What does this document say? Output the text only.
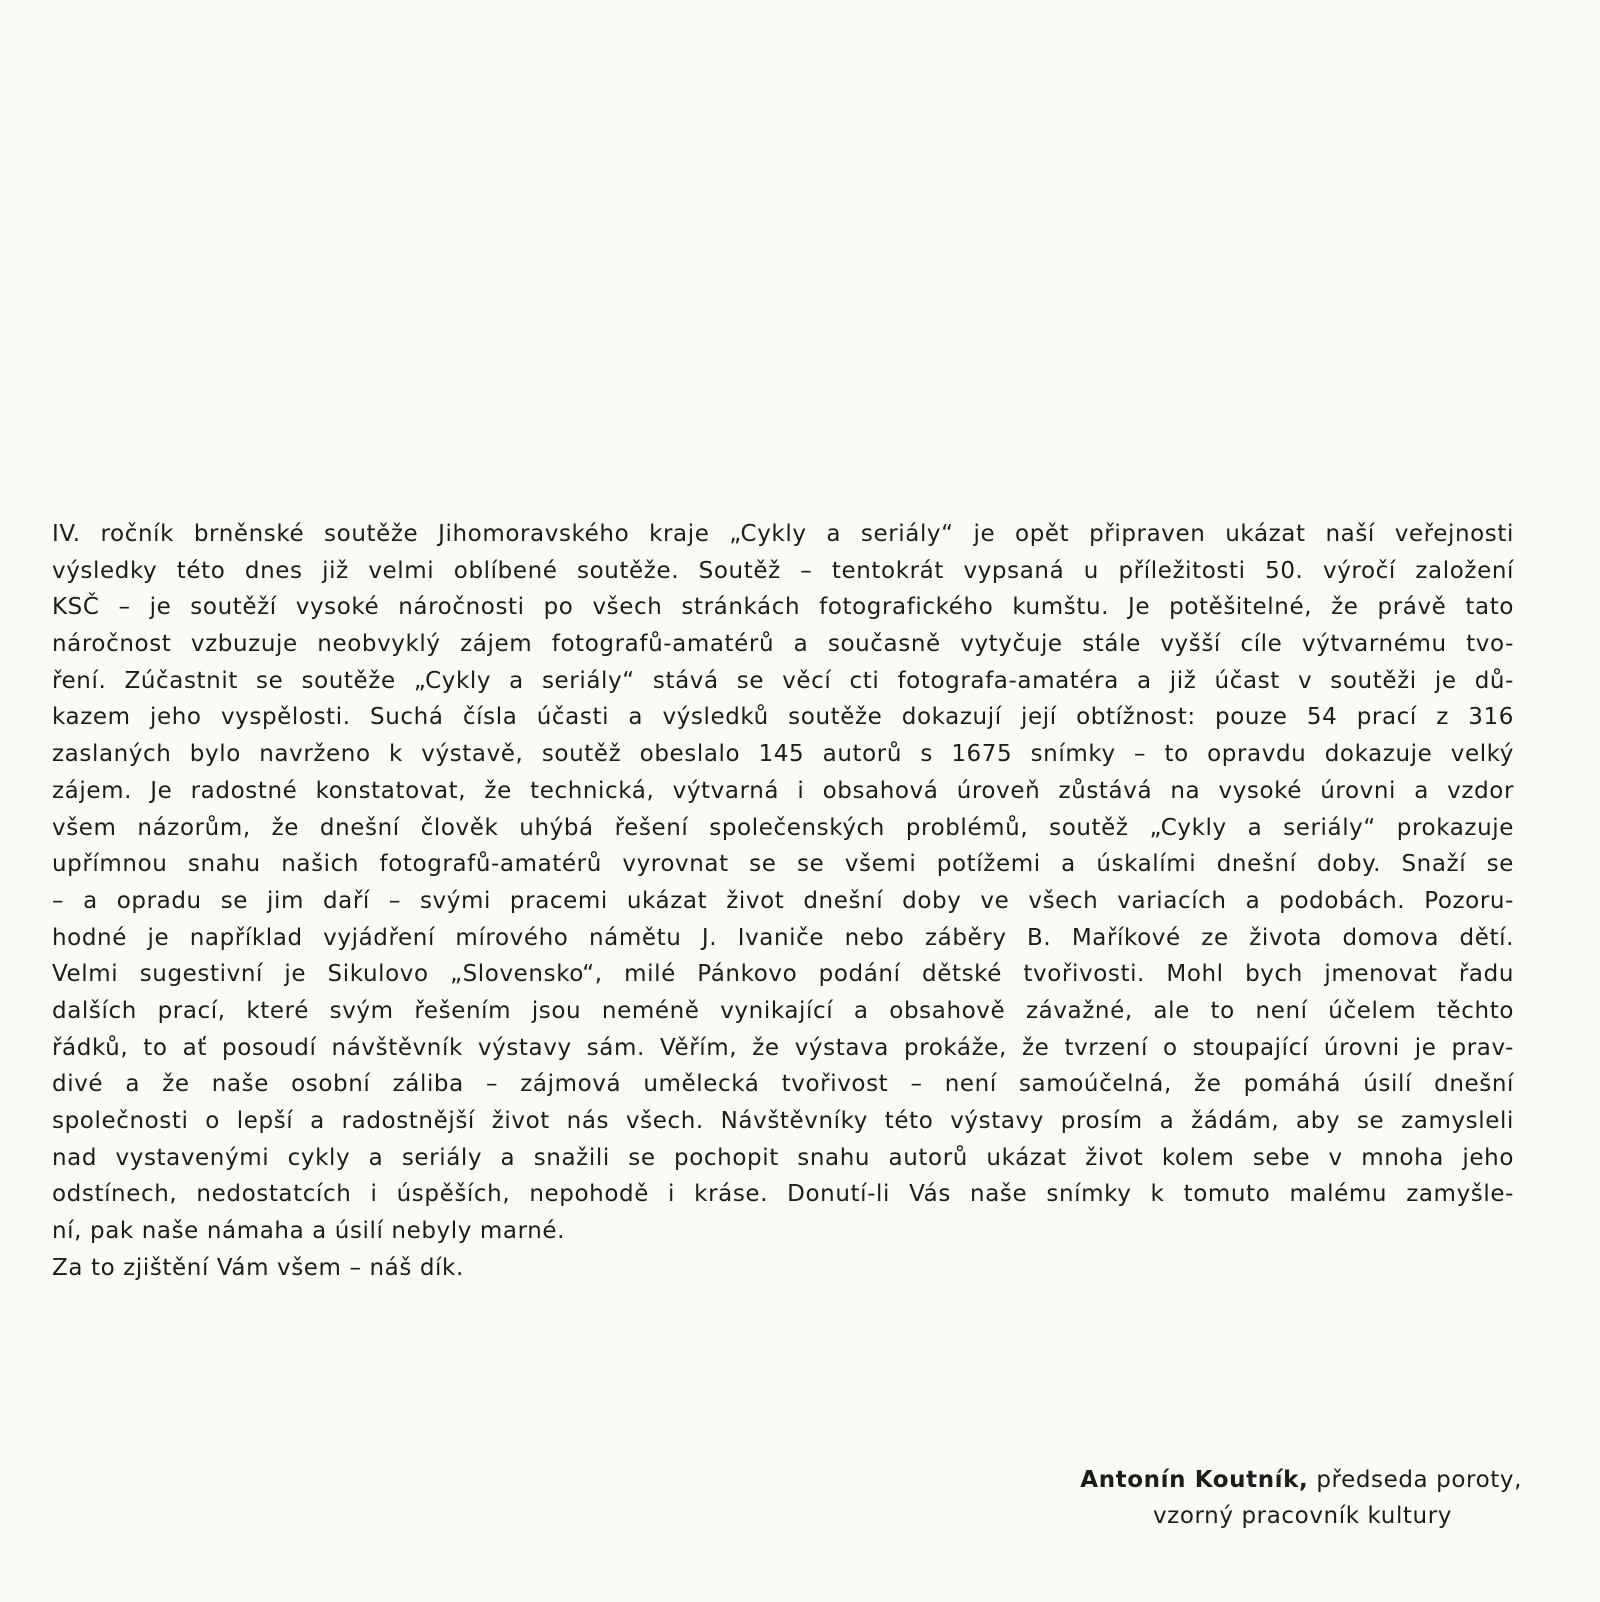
IV. ročník brněnské soutěže Jihomoravského kraje „Cykly a seriály“ je opět připraven ukázat naší veřejnosti
výsledky této dnes již velmi oblíbené soutěže. Soutěž – tentokrát vypsaná u příležitosti 50. výročí založení
KSČ – je soutěží vysoké náročnosti po všech stránkách fotografického kumštu. Je potěšitelné, že právě tato
náročnost vzbuzuje neobvyklý zájem fotografů-amatérů a současně vytyčuje stále vyšší cíle výtvarnému tvo-
ření. Zúčastnit se soutěže „Cykly a seriály“ stává se věcí cti fotografa-amatéra a již účast v soutěži je dů-
kazem jeho vyspělosti. Suchá čísla účasti a výsledků soutěže dokazují její obtížnost: pouze 54 prací z 316
zaslaných bylo navrženo k výstavě, soutěž obeslalo 145 autorů s 1675 snímky – to opravdu dokazuje velký
zájem. Je radostné konstatovat, že technická, výtvarná i obsahová úroveň zůstává na vysoké úrovni a vzdor
všem názorům, že dnešní člověk uhýbá řešení společenských problémů, soutěž „Cykly a seriály“ prokazuje
upřímnou snahu našich fotografů-amatérů vyrovnat se se všemi potížemi a úskalími dnešní doby. Snaží se
– a opradu se jim daří – svými pracemi ukázat život dnešní doby ve všech variacích a podobách. Pozoru-
hodné je například vyjádření mírového námětu J. Ivaniče nebo záběry B. Maříkové ze života domova dětí.
Velmi sugestivní je Sikulovo „Slovensko“, milé Pánkovo podání dětské tvořivosti. Mohl bych jmenovat řadu
dalších prací, které svým řešením jsou neméně vynikající a obsahově závažné, ale to není účelem těchto
řádků, to ať posoudí návštěvník výstavy sám. Věřím, že výstava prokáže, že tvrzení o stoupající úrovni je prav-
divé a že naše osobní záliba – zájmová umělecká tvořivost – není samoúčelná, že pomáhá úsilí dnešní
společnosti o lepší a radostnější život nás všech. Návštěvníky této výstavy prosím a žádám, aby se zamysleli
nad vystavenými cykly a seriály a snažili se pochopit snahu autorů ukázat život kolem sebe v mnoha jeho
odstínech, nedostatcích i úspěších, nepohodě i kráse. Donutí-li Vás naše snímky k tomuto malému zamyšle-
ní, pak naše námaha a úsilí nebyly marné.
Za to zjištění Vám všem – náš dík.
Antonín Koutník, předseda poroty,
vzorný pracovník kultury
